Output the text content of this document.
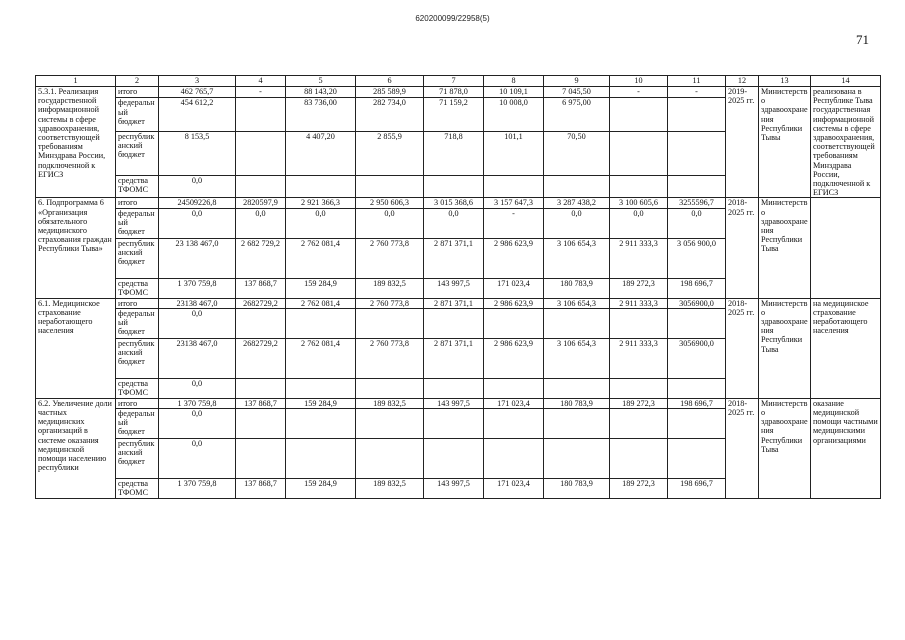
620200099/22958(5)
71
1	2	3	4	5	6	7	8	9	10	11	12	13	14
5.3.1. Реализация государственной информационной системы в сфере здравоохранения, соответствующей требованиям Минздрава России, подключенной к ЕГИСЗ	итого	462 765,7	-	88 143,20	285 589,9	71 878,0	10 109,1	7 045,50	-	-	2019-2025 гг.	Министерство здравоохранения Республики Тывы	реализована в Республике Тыва государственная информационной системы в сфере здравоохранения, соответствующей требованиям Минздрава России, подключенной к ЕГИСЗ
	федеральный бюджет	454 612,2		83 736,00	282 734,0	71 159,2	10 008,0	6 975,00					
	республиканский бюджет	8 153,5		4 407,20	2 855,9	718,8	101,1	70,50					
	средства ТФОМС	0,0											
6. Подпрограмма 6 «Организация обязательного медицинского страхования граждан Республики Тыва»	итого	24509226,8	2820597,9	2 921 366,3	2 950 606,3	3 015 368,6	3 157 647,3	3 287 438,2	3 100 605,6	3255596,7	2018-2025 гг.	Министерство здравоохранения Республики Тыва	
	федеральный бюджет	0,0	0,0	0,0	0,0	0,0	-	0,0	0,0	0,0			
	республиканский бюджет	23 138 467,0	2 682 729,2	2 762 081,4	2 760 773,8	2 871 371,1	2 986 623,9	3 106 654,3	2 911 333,3	3 056 900,0			
	средства ТФОМС	1 370 759,8	137 868,7	159 284,9	189 832,5	143 997,5	171 023,4	180 783,9	189 272,3	198 696,7			
6.1. Медицинское страхование неработающего населения	итого	23138 467,0	2682729,2	2 762 081,4	2 760 773,8	2 871 371,1	2 986 623,9	3 106 654,3	2 911 333,3	3056900,0	2018-2025 гг.	Министерство здравоохранения Республики Тыва	на медицинское страхование неработающего населения
	федеральный бюджет	0,0											
	республиканский бюджет	23138 467,0	2682729,2	2 762 081,4	2 760 773,8	2 871 371,1	2 986 623,9	3 106 654,3	2 911 333,3	3056900,0			
	средства ТФОМС	0,0											
6.2. Увеличение доли частных медицинских организаций в системе оказания медицинской помощи населению республики	итого	1 370 759,8	137 868,7	159 284,9	189 832,5	143 997,5	171 023,4	180 783,9	189 272,3	198 696,7	2018-2025 гг.	Министерство здравоохранения Республики Тыва	оказание медицинской помощи частными медицинскими организациями
	федеральный бюджет	0,0											
	республиканский бюджет	0,0											
	средства ТФОМС	1 370 759,8	137 868,7	159 284,9	189 832,5	143 997,5	171 023,4	180 783,9	189 272,3	198 696,7			
